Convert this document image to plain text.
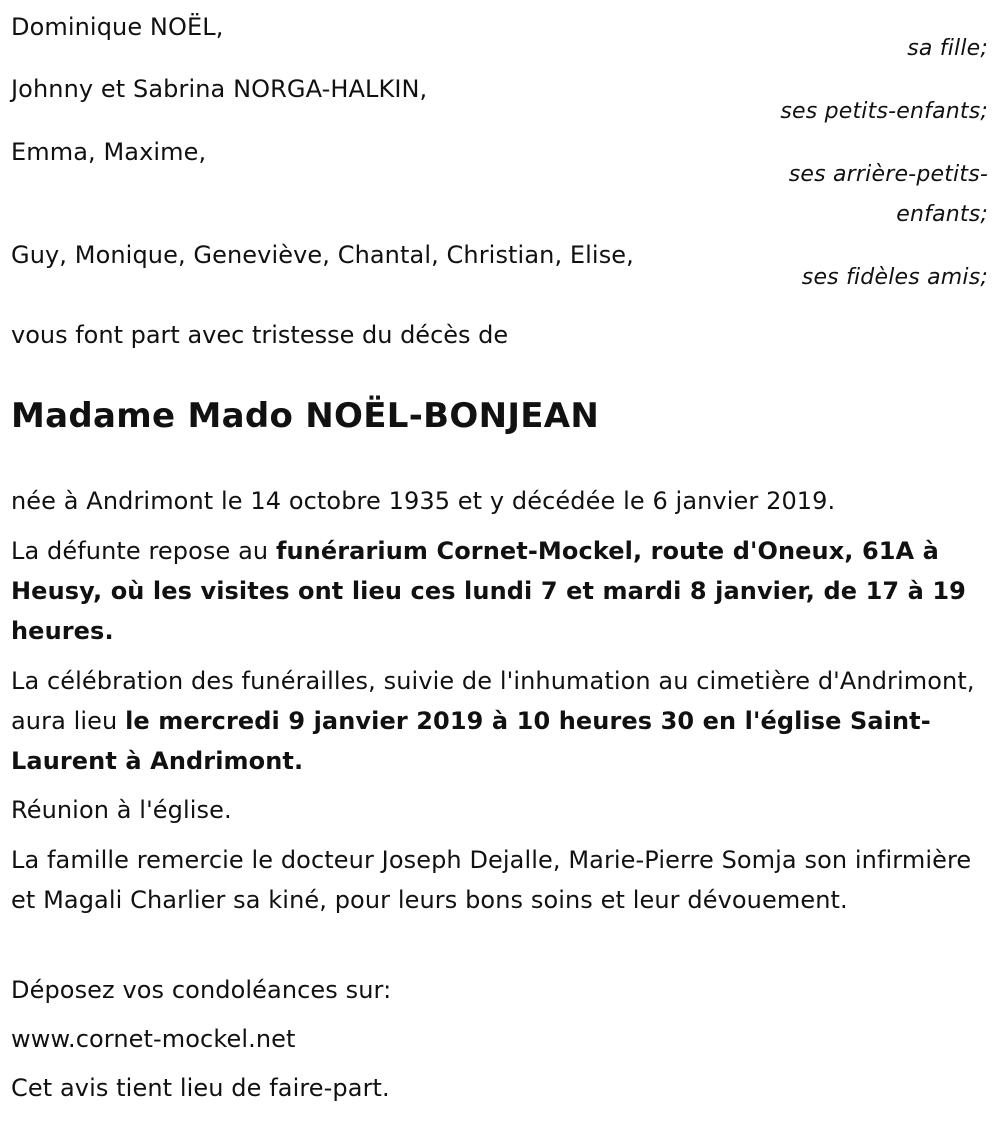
Dominique NOËL,

sa fille;

Johnny et Sabrina NORGA-HALKIN,

ses petits-enfants;

Emma, Maxime,

ses arrière-petits-

enfants;

Guy, Monique, Geneviève, Chantal, Christian, Elise,

ses fidèles amis;

vous font part avec tristesse du décès de

Madame Mado NOËL-BONJEAN

née à Andrimont le 14 octobre 1935 et y décédée le 6 janvier 2019.

La défunte repose au funérarium Cornet-Mockel, route d'Oneux, 61A à Heusy, où les visites ont lieu ces lundi 7 et mardi 8 janvier, de 17 à 19 heures.

La célébration des funérailles, suivie de l'inhumation au cimetière d'Andrimont, aura lieu le mercredi 9 janvier 2019 à 10 heures 30 en l'église Saint-Laurent à Andrimont.

Réunion à l'église.

La famille remercie le docteur Joseph Dejalle, Marie-Pierre Somja son infirmière et Magali Charlier sa kiné, pour leurs bons soins et leur dévouement.

Déposez vos condoléances sur:

www.cornet-mockel.net

Cet avis tient lieu de faire-part.
